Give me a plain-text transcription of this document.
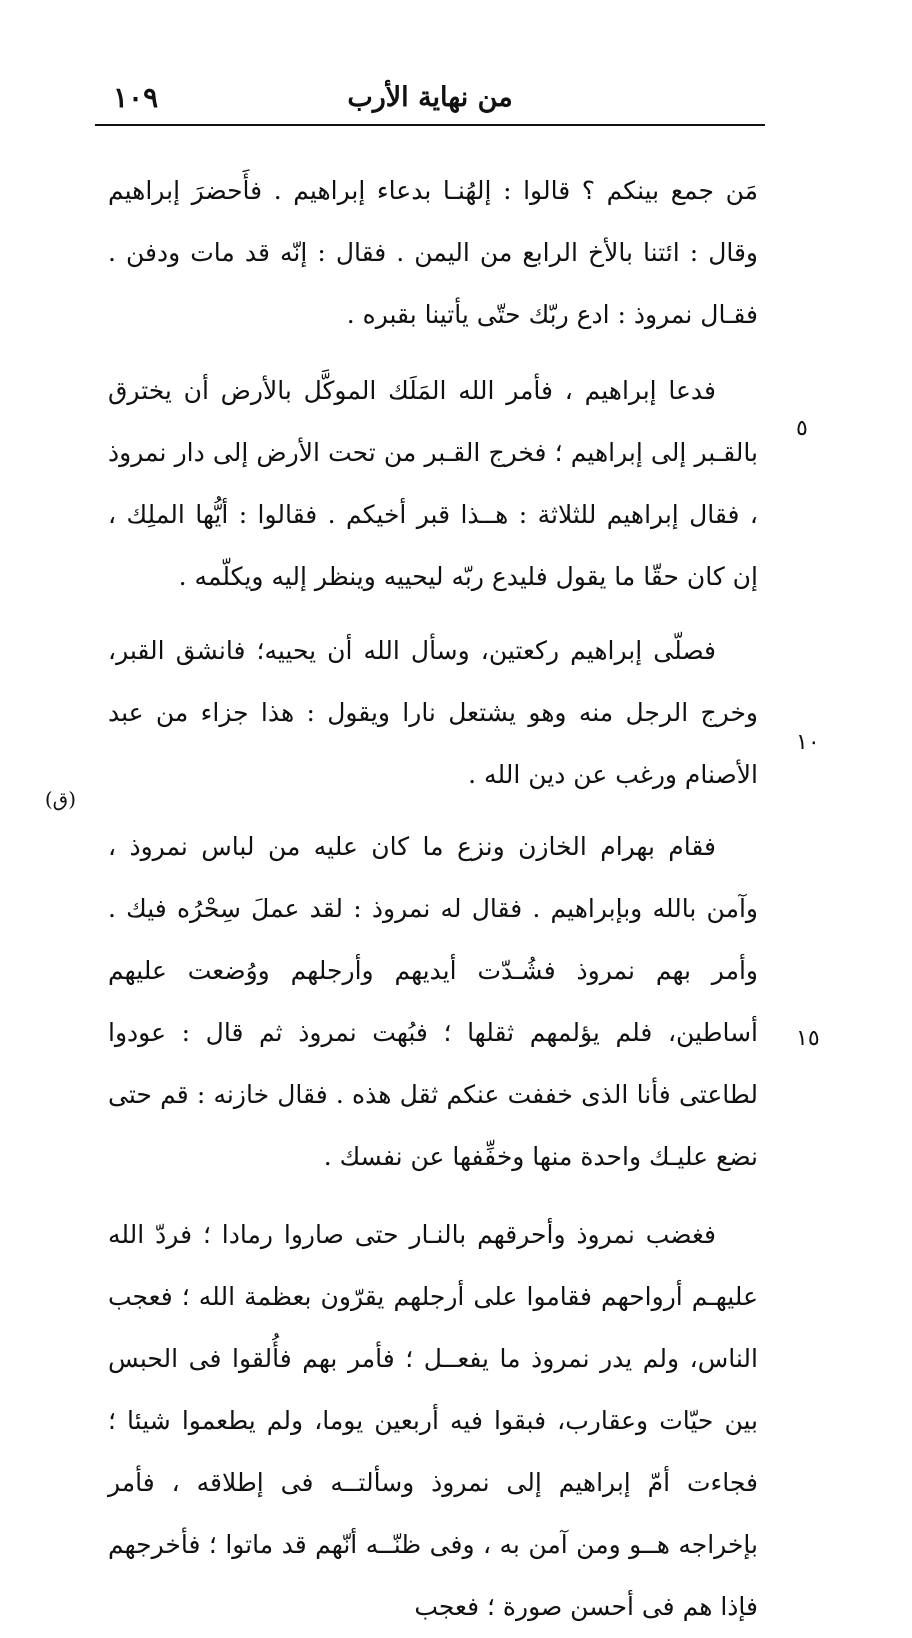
من نهاية الأرب
١٠٩
٥
١٠
١٥
(ق)

مَن جمع بينكم ؟ قالوا : إلهُنـا بدعاء إبراهيم . فأَحضرَ إبراهيم وقال : ائتنا بالأخ الرابع من اليمن . فقال : إنّه قد مات ودفن . فقـال نمروذ : ادع ربّك حتّى يأتينا بقبره .

فدعا إبراهيم ، فأمر الله المَلَك الموكَّل بالأرض أن يخترق بالقـبر إلى إبراهيم ؛ فخرج القـبر من تحت الأرض إلى دار نمروذ ، فقال إبراهيم للثلاثة : هــذا قبر أخيكم . فقالوا : أيُّها الملِك ، إن كان حقّا ما يقول فليدع ربّه ليحييه وينظر إليه ويكلّمه .

فصلّى إبراهيم ركعتين، وسأل الله أن يحييه؛ فانشق القبر، وخرج الرجل منه وهو يشتعل نارا ويقول : هذا جزاء من عبد الأصنام ورغب عن دين الله .

فقام بهرام الخازن ونزع ما كان عليه من لباس نمروذ ، وآمن بالله وبإبراهيم . فقال له نمروذ : لقد عملَ سِحْرُه فيك . وأمر بهم نمروذ فشُـدّت أيديهم وأرجلهم ووُضعت عليهم أساطين، فلم يؤلمهم ثقلها ؛ فبُهت نمروذ ثم قال : عودوا لطاعتى فأنا الذى خففت عنكم ثقل هذه . فقال خازنه : قم حتى نضع عليـك واحدة منها وخفِّفها عن نفسك .

فغضب نمروذ وأحرقهم بالنـار حتى صاروا رمادا ؛ فردّ الله عليهـم أرواحهم فقاموا على أرجلهم يقرّون بعظمة الله ؛ فعجب الناس، ولم يدر نمروذ ما يفعــل ؛ فأمر بهم فأُلقوا فى الحبس بين حيّات وعقارب، فبقوا فيه أربعين يوما، ولم يطعموا شيئا ؛ فجاءت أمّ إبراهيم إلى نمروذ وسألتــه فى إطلاقه ، فأمر بإخراجه هــو ومن آمن به ، وفى ظنّــه أنّهم قد ماتوا ؛ فأخرجهم فإذا هم فى أحسن صورة ؛ فعجب
